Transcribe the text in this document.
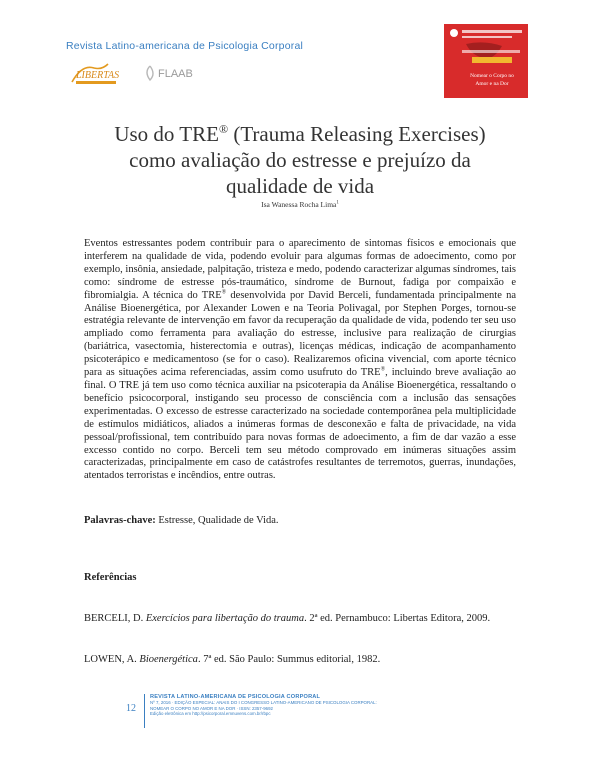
Revista Latino-americana de Psicologia Corporal
LIBERTAS	FLAAB	Nomear o Corpo no
Amor e na Dor
Uso do TRE® (Trauma Releasing Exercises)
como avaliação do estresse e prejuízo da
qualidade de vida
Isa Wanessa Rocha Lima$^1$

Eventos estressantes podem contribuir para o aparecimento de sintomas físicos e emocionais que interferem na qualidade de vida, podendo evoluir para algumas formas de adoecimento, como por exemplo, insônia, ansiedade, palpitação, tristeza e medo, podendo caracterizar algumas síndromes, tais como: síndrome de estresse pós-traumático, síndrome de Burnout, fadiga por compaixão e fibromialgia. A técnica do TRE® desenvolvida por David Berceli, fundamentada principalmente na Análise Bioenergética, por Alexander Lowen e na Teoria Polivagal, por Stephen Porges, tornou-se estratégia relevante de intervenção em favor da recuperação da qualidade de vida, podendo ter seu uso ampliado como ferramenta para avaliação do estresse, inclusive para realização de cirurgias (bariátrica, vasectomia, histerectomia e outras), licenças médicas, indicação de acompanhamento psicoterápico e medicamentoso (se for o caso). Realizaremos oficina vivencial, com aporte técnico para as situações acima referenciadas, assim como usufruto do TRE®, incluindo breve avaliação ao final. O TRE já tem uso como técnica auxiliar na psicoterapia da Análise Bioenergética, ressaltando o benefício psicocorporal, instigando seu processo de consciência com a inclusão das sensações experimentadas. O excesso de estresse caracterizado na sociedade contemporânea pela multiplicidade de estímulos midiáticos, aliados a inúmeras formas de desconexão e falta de privacidade, na vida pessoal/profissional, tem contribuído para novas formas de adoecimento, a fim de dar vazão a esse excesso contido no corpo. Berceli tem seu método comprovado em inúmeras situações assim caracterizadas, principalmente em caso de catástrofes resultantes de terremotos, guerras, inundações, atentados terroristas e incêndios, entre outras.

Palavras-chave: Estresse, Qualidade de Vida.
Referências
BERCELI, D. Exercícios para libertação do trauma. 2ª ed. Pernambuco: Libertas Editora, 2009.
LOWEN, A. Bioenergética. 7ª ed. São Paulo: Summus editorial, 1982.
12
REVISTA LATINO-AMERICANA DE PSICOLOGIA CORPORAL
Nº 7, 2016 · EDIÇÃO ESPECIAL: ANAIS DO I CONGRESSO LATINO-AMERICANO DE PSICOLOGIA CORPORAL:
NOMEAR O CORPO NO AMOR E NA DOR · ISSN: 2357-9692
Edição eletrônica em http://psicorporal.emnuvens.com.br/rbpc
